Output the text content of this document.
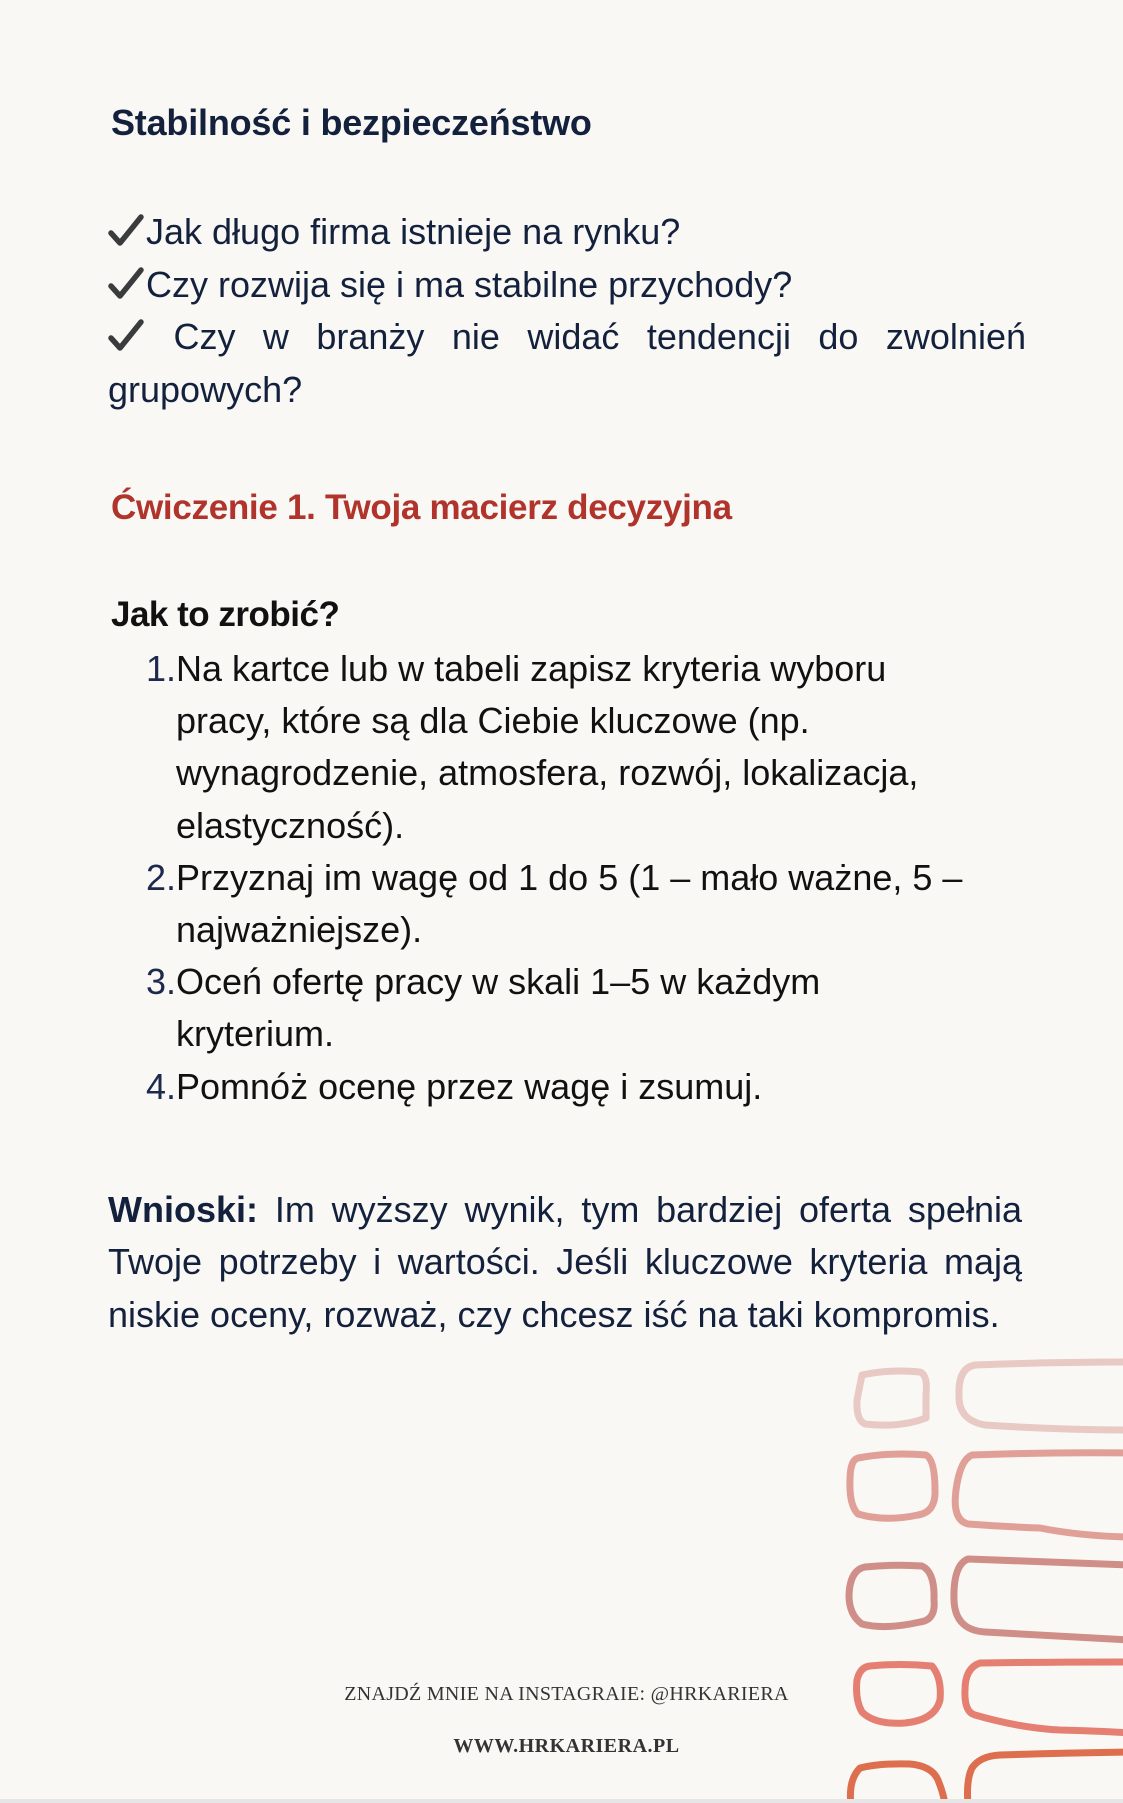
Stabilność i bezpieczeństwo
Jak długo firma istnieje na rynku?
Czy rozwija się i ma stabilne przychody?
Czy w branży nie widać tendencji do zwolnień
grupowych?
Ćwiczenie 1. Twoja macierz decyzyjna
Jak to zrobić?
1. Na kartce lub w tabeli zapisz kryteria wyboru
pracy, które są dla Ciebie kluczowe (np.
wynagrodzenie, atmosfera, rozwój, lokalizacja,
elastyczność).
2. Przyznaj im wagę od 1 do 5 (1 – mało ważne, 5 –
najważniejsze).
3. Oceń ofertę pracy w skali 1–5 w każdym
kryterium.
4. Pomnóż ocenę przez wagę i zsumuj.
Wnioski: Im wyższy wynik, tym bardziej oferta spełnia Twoje potrzeby i wartości. Jeśli kluczowe kryteria mają niskie oceny, rozważ, czy chcesz iść na taki kompromis.
ZNAJDŹ MNIE NA INSTAGRAIE: @HRKARIERA
WWW.HRKARIERA.PL
